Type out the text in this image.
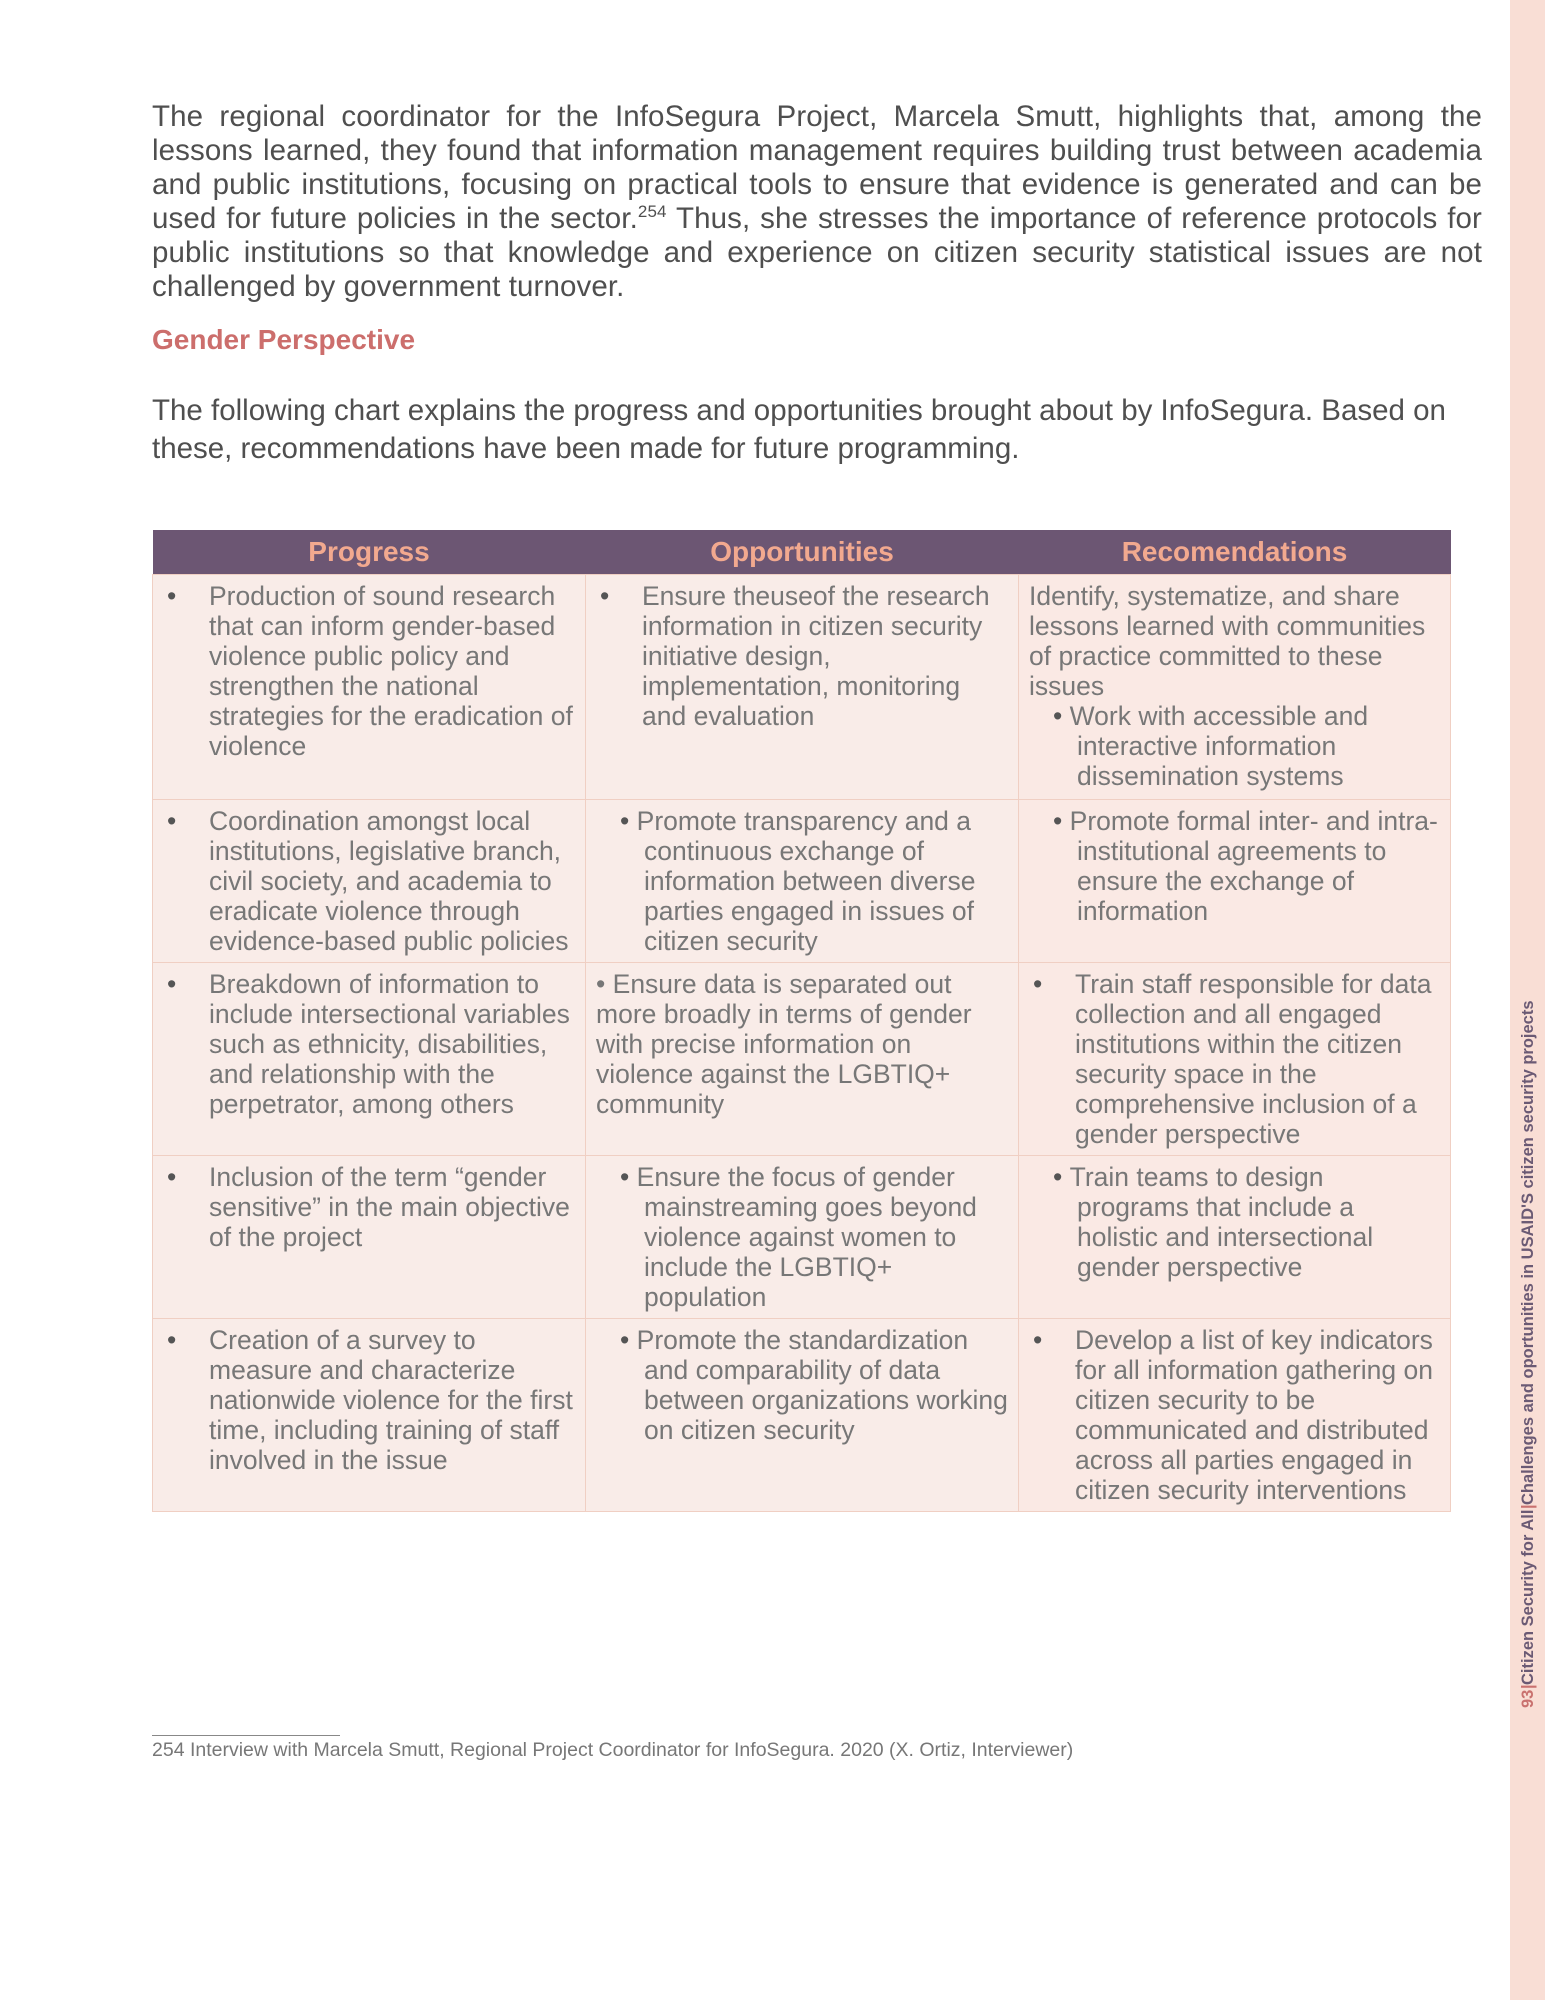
93
|
Citizen Security for All
|
Challenges and oportunities in USAID'S citizen security projects

The regional coordinator for the InfoSegura Project, Marcela Smutt, highlights that, among the lessons learned, they found that information management requires building trust between academia and public institutions, focusing on practical tools to ensure that evidence is generated and can be used for future policies in the sector.$^{254}$ Thus, she stresses the importance of reference protocols for public institutions so that knowledge and experience on citizen security statistical issues are not challenged by government turnover.

Gender Perspective

The following chart explains the progress and opportunities brought about by InfoSegura. Based on these, recommendations have been made for future programming.

Progress	Opportunities	Recomendations

• Production of sound research that can inform gender-based violence public policy and strengthen the national strategies for the eradication of violence	• Ensure theuseof the research information in citizen security initiative design, implementation, monitoring and evaluation	Identify, systematize, and share lessons learned with communities of practice committed to these issues
• Work with accessible and interactive information dissemination systems

• Coordination amongst local institutions, legislative branch, civil society, and academia to eradicate violence through evidence-based public policies	• Promote transparency and a continuous exchange of information between diverse parties engaged in issues of citizen security	• Promote formal inter- and intra-institutional agreements to ensure the exchange of information

• Breakdown of information to include intersectional variables such as ethnicity, disabilities, and relationship with the perpetrator, among others	• Ensure data is separated out more broadly in terms of gender with precise information on violence against the LGBTIQ+ community	• Train staff responsible for data collection and all engaged institutions within the citizen security space in the comprehensive inclusion of a gender perspective

• Inclusion of the term “gender sensitive” in the main objective of the project	• Ensure the focus of gender mainstreaming goes beyond violence against women to include the LGBTIQ+ population	• Train teams to design programs that include a holistic and intersectional gender perspective

• Creation of a survey to measure and characterize nationwide violence for the first time, including training of staff involved in the issue	• Promote the standardization and comparability of data between organizations working on citizen security	• Develop a list of key indicators for all information gathering on citizen security to be communicated and distributed across all parties engaged in citizen security interventions
254 Interview with Marcela Smutt, Regional Project Coordinator for InfoSegura. 2020 (X. Ortiz, Interviewer)
